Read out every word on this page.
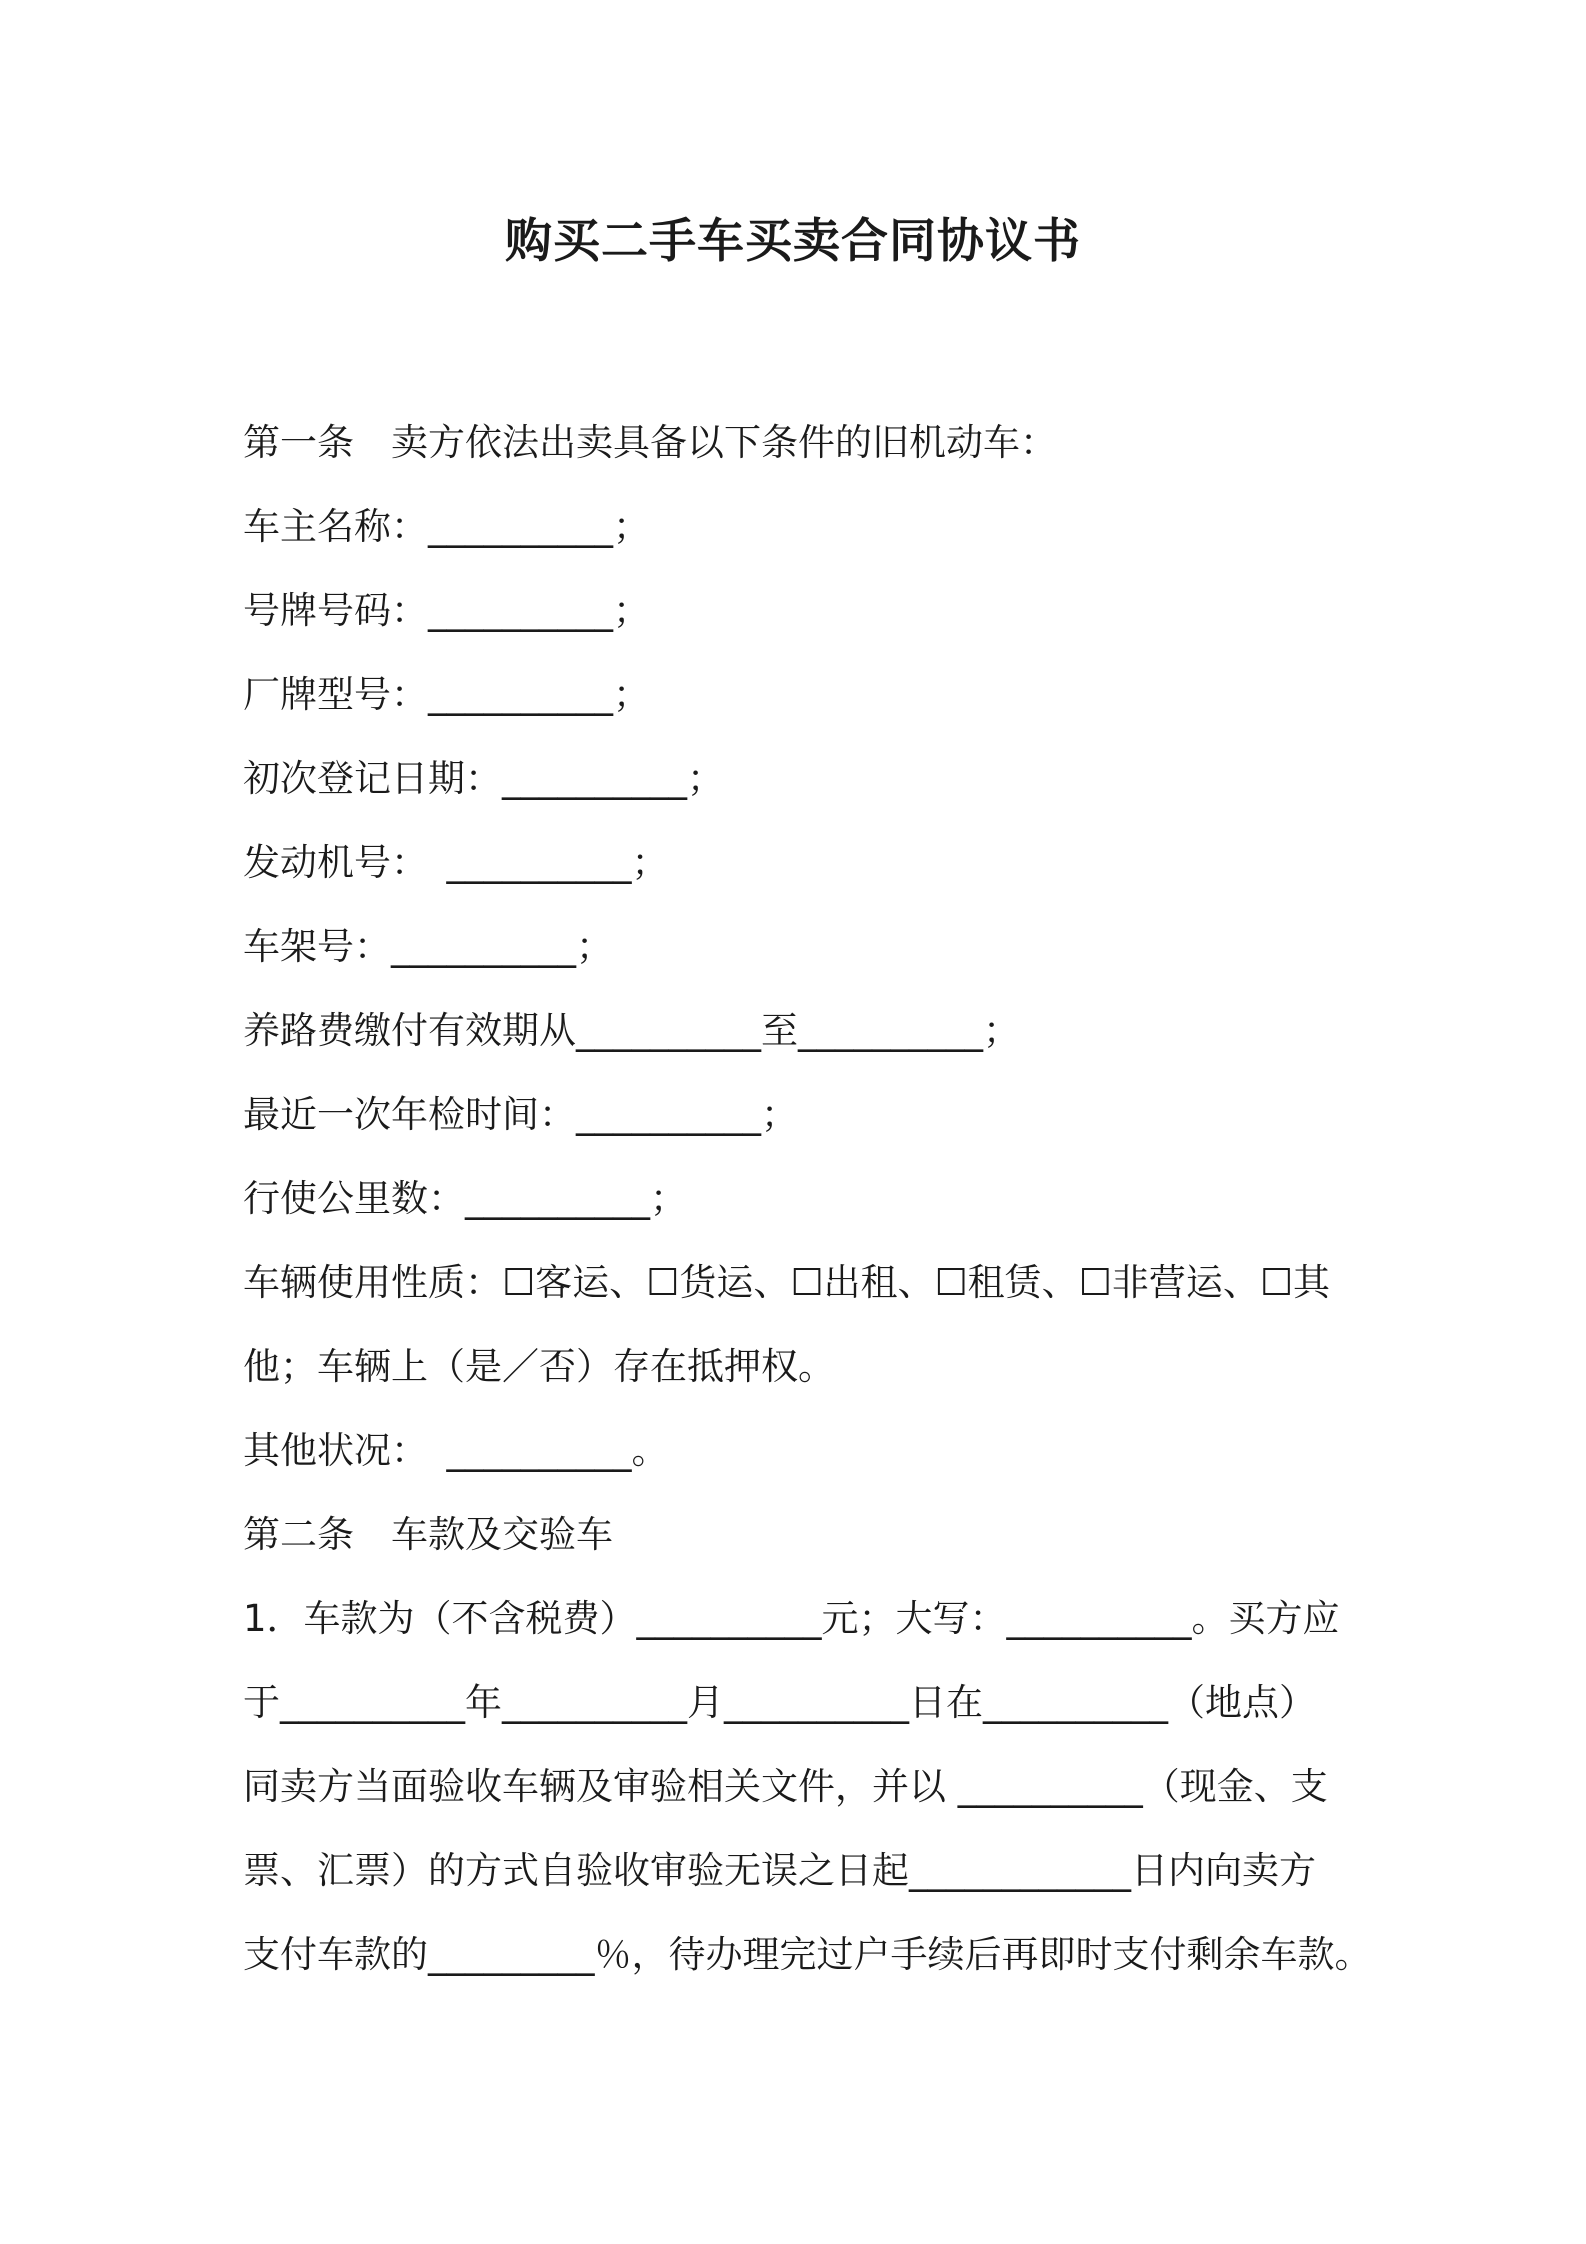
购买二手车买卖合同协议书

第一条　卖方依法出卖具备以下条件的旧机动车：

车主名称：__________；

号牌号码：__________；

厂牌型号：__________；

初次登记日期：__________；

发动机号：　__________；

车架号：__________；

养路费缴付有效期从__________至__________；

最近一次年检时间：__________；

行使公里数：__________；

车辆使用性质：☐客运、☐货运、☐出租、☐租赁、☐非营运、☐其

他；车辆上（是／否）存在抵押权。

其他状况：　__________。

第二条　车款及交验车

1．车款为（不含税费）__________元；大写：__________。买方应

于__________年__________月__________日在__________（地点）

同卖方当面验收车辆及审验相关文件，并以 __________（现金、支

票、汇票）的方式自验收审验无误之日起____________日内向卖方

支付车款的_________％，待办理完过户手续后再即时支付剩余车款。
